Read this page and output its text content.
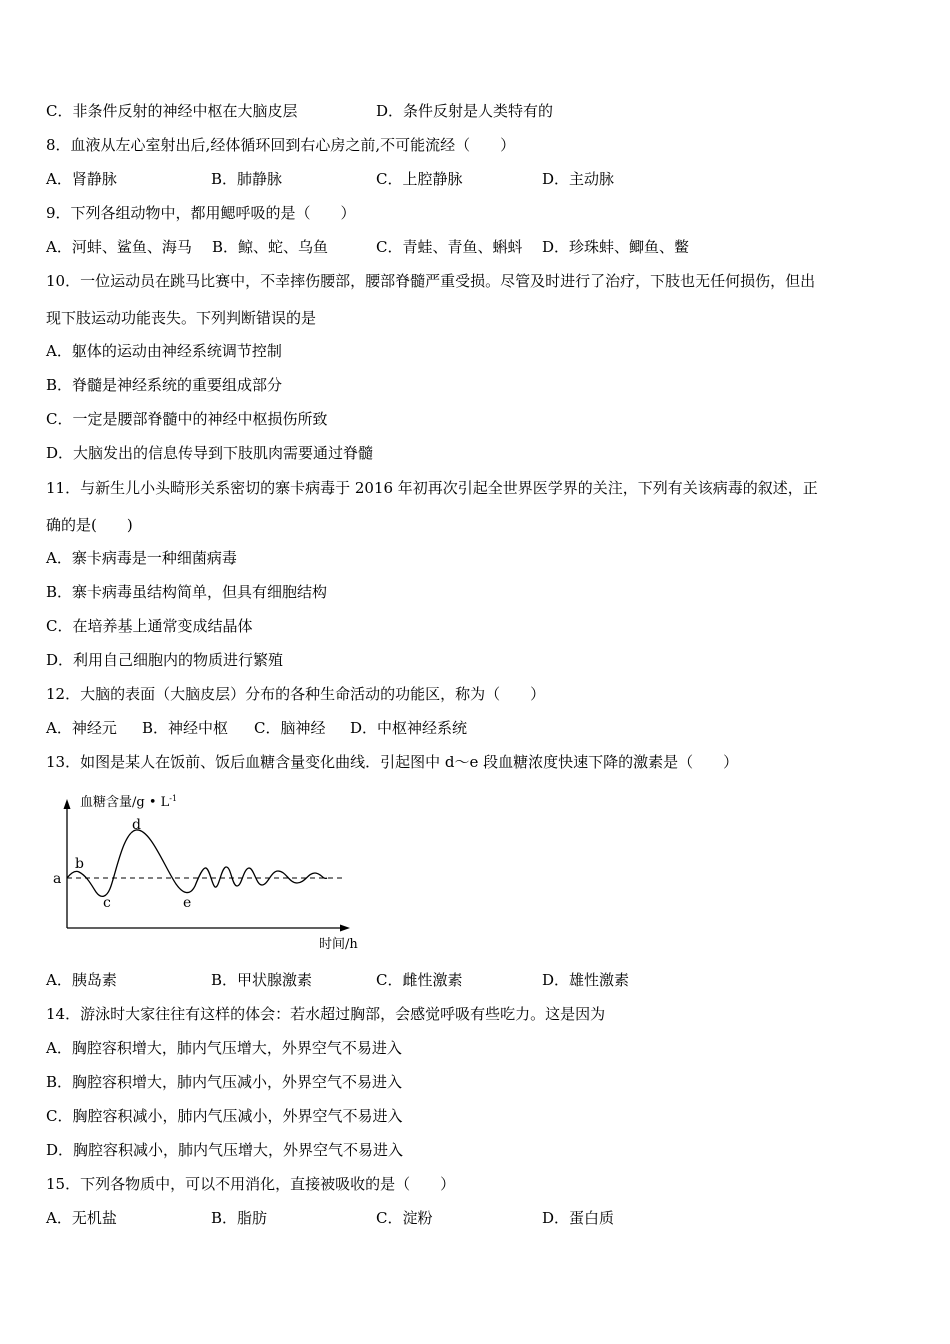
C．非条件反射的神经中枢在大脑皮层	D．条件反射是人类特有的
8．血液从左心室射出后,经体循环回到右心房之前,不可能流经（　　）
A．肾静脉	B．肺静脉	C．上腔静脉	D．主动脉
9．下列各组动物中，都用鳃呼吸的是（　　）
A．河蚌、鲨鱼、海马 B．鲸、蛇、乌鱼	C．青蛙、青鱼、蝌蚪 D．珍珠蚌、鲫鱼、鳖
10．一位运动员在跳马比赛中，不幸摔伤腰部，腰部脊髓严重受损。尽管及时进行了治疗，下肢也无任何损伤，但出
现下肢运动功能丧失。下列判断错误的是
A．躯体的运动由神经系统调节控制
B．脊髓是神经系统的重要组成部分
C．一定是腰部脊髓中的神经中枢损伤所致
D．大脑发出的信息传导到下肢肌肉需要通过脊髓
11．与新生儿小头畸形关系密切的寨卡病毒于 2016 年初再次引起全世界医学界的关注，下列有关该病毒的叙述，正
确的是(　　)
A．寨卡病毒是一种细菌病毒
B．寨卡病毒虽结构简单，但具有细胞结构
C．在培养基上通常变成结晶体
D．利用自己细胞内的物质进行繁殖
12．大脑的表面（大脑皮层）分布的各种生命活动的功能区，称为（　　）
A．神经元 B．神经中枢 C．脑神经 D．中枢神经系统
13．如图是某人在饭前、饭后血糖含量变化曲线．引起图中 d～e 段血糖浓度快速下降的激素是（　　）
血糖含量/g • $L^{-1}$
时间/h
a
b
c
d
e
A．胰岛素	B．甲状腺激素	C．雌性激素	D．雄性激素
14．游泳时大家往往有这样的体会：若水超过胸部，会感觉呼吸有些吃力。这是因为
A．胸腔容积增大，肺内气压增大，外界空气不易进入
B．胸腔容积增大，肺内气压减小，外界空气不易进入
C．胸腔容积减小，肺内气压减小，外界空气不易进入
D．胸腔容积减小，肺内气压增大，外界空气不易进入
15．下列各物质中，可以不用消化，直接被吸收的是（　　）
A．无机盐	B．脂肪	C．淀粉	D．蛋白质
